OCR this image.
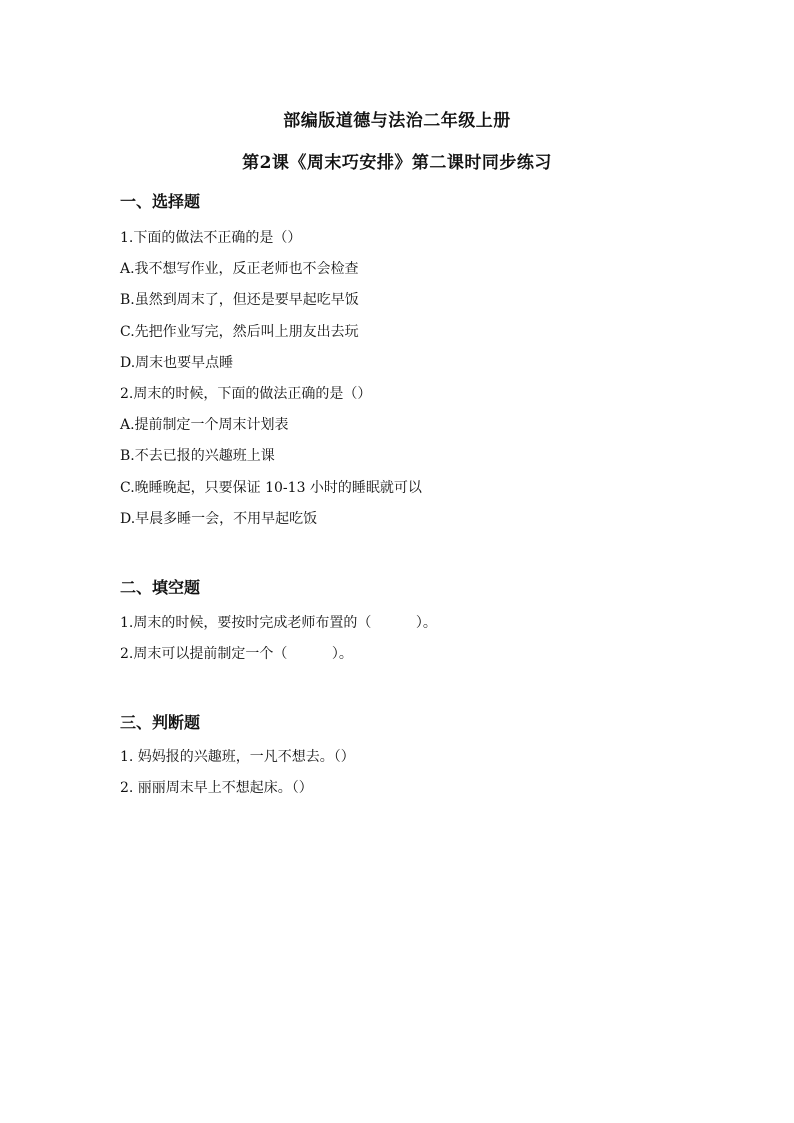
部编版道德与法治二年级上册
第2课《周末巧安排》第二课时同步练习
一、选择题
1.下面的做法不正确的是（）
A.我不想写作业，反正老师也不会检查
B.虽然到周末了，但还是要早起吃早饭
C.先把作业写完，然后叫上朋友出去玩
D.周末也要早点睡
2.周末的时候，下面的做法正确的是（）
A.提前制定一个周末计划表
B.不去已报的兴趣班上课
C.晚睡晚起，只要保证 10-13 小时的睡眠就可以
D.早晨多睡一会，不用早起吃饭
二、填空题
1.周末的时候，要按时完成老师布置的（          ）。
2.周末可以提前制定一个（          ）。
三、判断题
1. 妈妈报的兴趣班，一凡不想去。（）
2. 丽丽周末早上不想起床。（）
